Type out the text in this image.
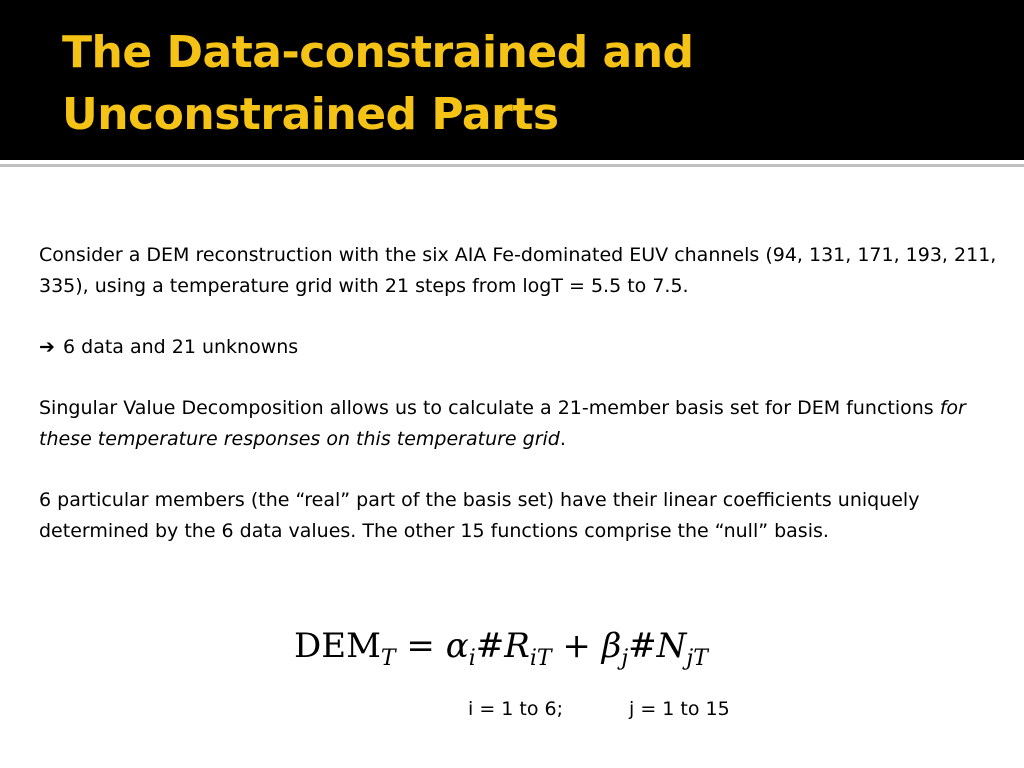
The Data-constrained and
Unconstrained Parts

Consider a DEM reconstruction with the six AIA Fe-dominated EUV channels (94, 131, 171, 193, 211, 335), using a temperature grid with 21 steps from logT = 5.5 to 7.5.

➔ 6 data and 21 unknowns

Singular Value Decomposition allows us to calculate a 21-member basis set for DEM functions for these temperature responses on this temperature grid.

6 particular members (the “real” part of the basis set) have their linear coefficients uniquely determined by the 6 data values. The other 15 functions comprise the “null” basis.

$DEM_T$ = $\alpha_i\#R_{iT}$ + $\beta_j\#N_{jT}$
i = 1 to 6;	j = 1 to 15
